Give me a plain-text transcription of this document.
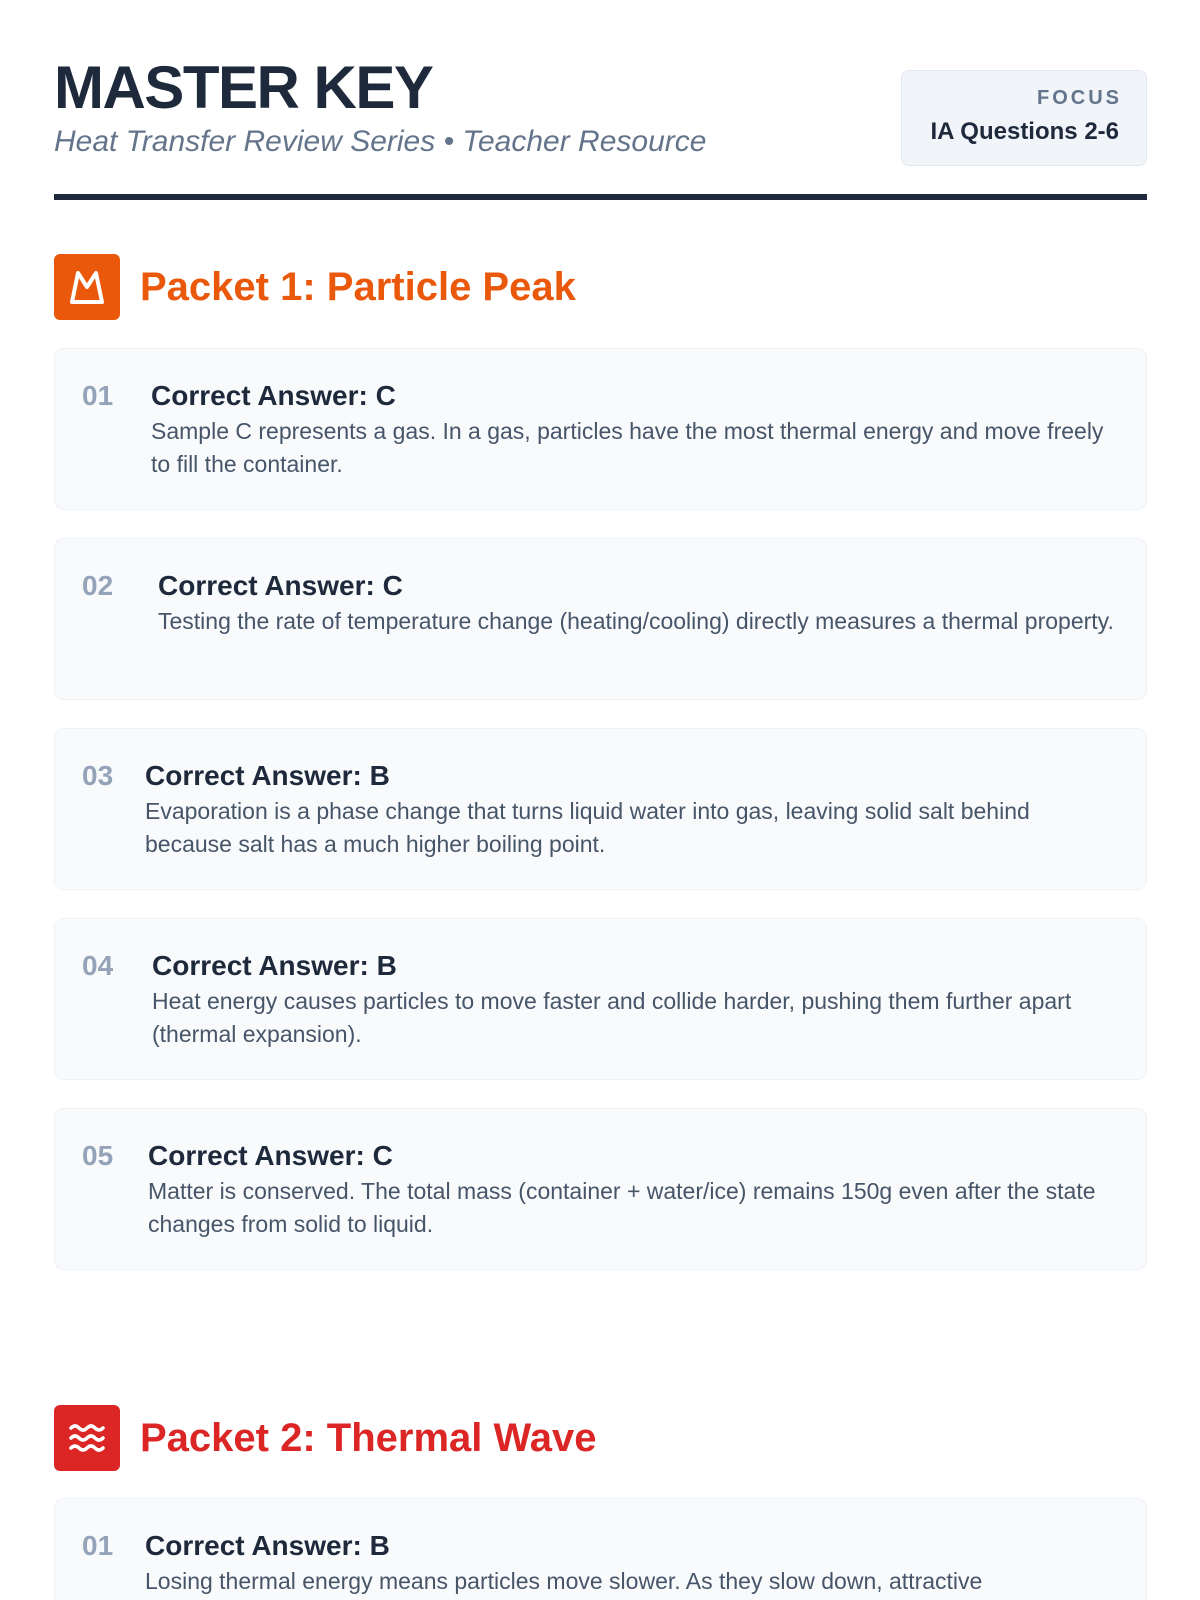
MASTER KEY
Heat Transfer Review Series • Teacher Resource
FOCUS
IA Questions 2-6
Packet 1: Particle Peak
01 Correct Answer: C
Sample C represents a gas. In a gas, particles have the most thermal energy and move freely to fill the container.
02 Correct Answer: C
Testing the rate of temperature change (heating/cooling) directly measures a thermal property.
03 Correct Answer: B
Evaporation is a phase change that turns liquid water into gas, leaving solid salt behind because salt has a much higher boiling point.
04 Correct Answer: B
Heat energy causes particles to move faster and collide harder, pushing them further apart (thermal expansion).
05 Correct Answer: C
Matter is conserved. The total mass (container + water/ice) remains 150g even after the state changes from solid to liquid.
Packet 2: Thermal Wave
01 Correct Answer: B
Losing thermal energy means particles move slower. As they slow down, attractive
